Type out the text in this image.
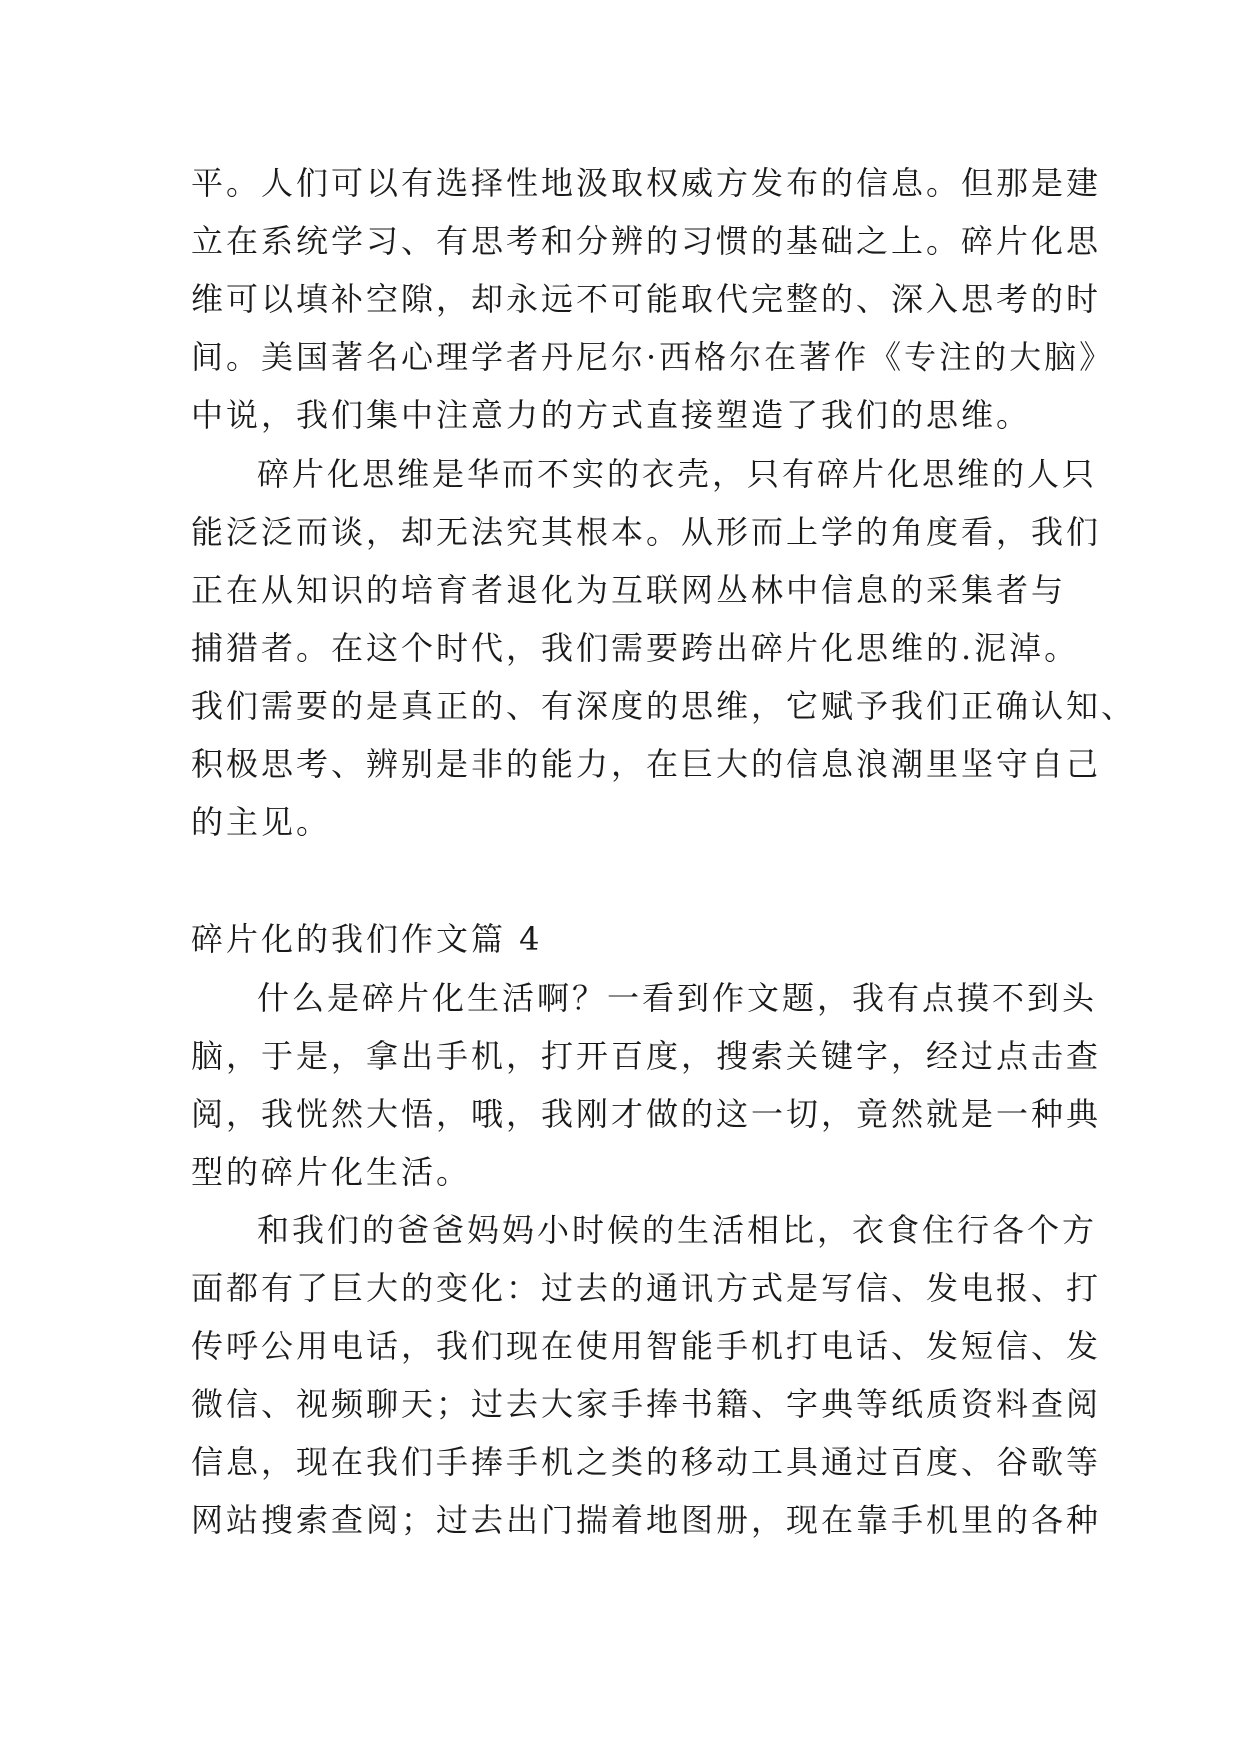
平。人们可以有选择性地汲取权威方发布的信息。但那是建
立在系统学习、有思考和分辨的习惯的基础之上。碎片化思
维可以填补空隙，却永远不可能取代完整的、深入思考的时
间。美国著名心理学者丹尼尔·西格尔在著作《专注的大脑》
中说，我们集中注意力的方式直接塑造了我们的思维。
碎片化思维是华而不实的衣壳，只有碎片化思维的人只
能泛泛而谈，却无法究其根本。从形而上学的角度看，我们
正在从知识的培育者退化为互联网丛林中信息的采集者与
捕猎者。在这个时代，我们需要跨出碎片化思维的.泥淖。
我们需要的是真正的、有深度的思维，它赋予我们正确认知、
积极思考、辨别是非的能力，在巨大的信息浪潮里坚守自己
的主见。
碎片化的我们作文篇 4
什么是碎片化生活啊？一看到作文题，我有点摸不到头
脑，于是，拿出手机，打开百度，搜索关键字，经过点击查
阅，我恍然大悟，哦，我刚才做的这一切，竟然就是一种典
型的碎片化生活。
和我们的爸爸妈妈小时候的生活相比，衣食住行各个方
面都有了巨大的变化：过去的通讯方式是写信、发电报、打
传呼公用电话，我们现在使用智能手机打电话、发短信、发
微信、视频聊天；过去大家手捧书籍、字典等纸质资料查阅
信息，现在我们手捧手机之类的移动工具通过百度、谷歌等
网站搜索查阅；过去出门揣着地图册，现在靠手机里的各种
